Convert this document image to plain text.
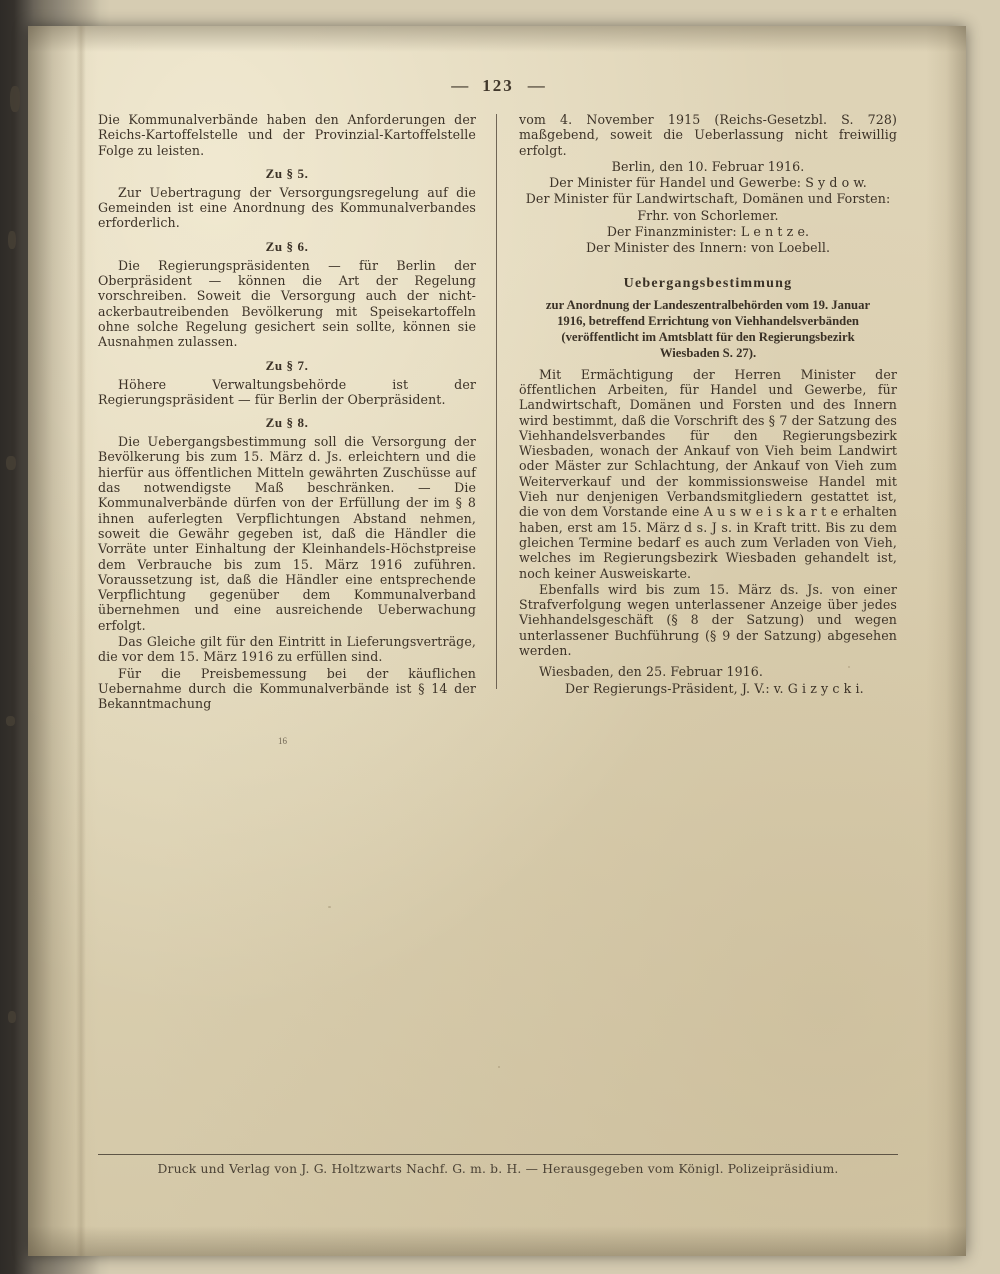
— 123 —

Die Kommunalverbände haben den Anforderungen der Reichs-Kartoffelstelle und der Provinzial-Kartoffelstelle Folge zu leisten.

Zu § 5.

Zur Uebertragung der Versorgungsregelung auf die Gemeinden ist eine Anordnung des Kommunalverbandes erforderlich.

Zu § 6.

Die Regierungspräsidenten — für Berlin der Oberpräsident — können die Art der Regelung vorschreiben. Soweit die Versorgung auch der nicht-ackerbautreibenden Bevölkerung mit Speisekartoffeln ohne solche Regelung gesichert sein sollte, können sie Ausnahmen zulassen.

Zu § 7.

Höhere Verwaltungsbehörde ist der Regierungspräsident — für Berlin der Oberpräsident.

Zu § 8.

Die Uebergangsbestimmung soll die Versorgung der Bevölkerung bis zum 15. März d. Js. erleichtern und die hierfür aus öffentlichen Mitteln gewährten Zuschüsse auf das notwendigste Maß beschränken. — Die Kommunalverbände dürfen von der Erfüllung der im § 8 ihnen auferlegten Verpflichtungen Abstand nehmen, soweit die Gewähr gegeben ist, daß die Händler die Vorräte unter Einhaltung der Kleinhandels-Höchstpreise dem Verbrauche bis zum 15. März 1916 zuführen. Voraussetzung ist, daß die Händler eine entsprechende Verpflichtung gegenüber dem Kommunalverband übernehmen und eine ausreichende Ueberwachung erfolgt.

Das Gleiche gilt für den Eintritt in Lieferungsverträge, die vor dem 15. März 1916 zu erfüllen sind.

Für die Preisbemessung bei der käuflichen Uebernahme durch die Kommunalverbände ist § 14 der Bekanntmachung

vom 4. November 1915 (Reichs-Gesetzbl. S. 728) maßgebend, soweit die Ueberlassung nicht freiwillig erfolgt.

Berlin, den 10. Februar 1916.

Der Minister für Handel und Gewerbe: S y d o w.

Der Minister für Landwirtschaft, Domänen und Forsten:

Frhr. von Schorlemer.

Der Finanzminister: L e n t z e.

Der Minister des Innern: von Loebell.

Uebergangsbestimmung
zur Anordnung der Landeszentralbehörden vom 19. Januar
1916, betreffend Errichtung von Viehhandelsverbänden
(veröffentlicht im Amtsblatt für den Regierungsbezirk
Wiesbaden S. 27).

Mit Ermächtigung der Herren Minister der öffentlichen Arbeiten, für Handel und Gewerbe, für Landwirtschaft, Domänen und Forsten und des Innern wird bestimmt, daß die Vorschrift des § 7 der Satzung des Viehhandelsverbandes für den Regierungsbezirk Wiesbaden, wonach der Ankauf von Vieh beim Landwirt oder Mäster zur Schlachtung, der Ankauf von Vieh zum Weiterverkauf und der kommissionsweise Handel mit Vieh nur denjenigen Verbandsmitgliedern gestattet ist, die von dem Vorstande eine A u s w e i s k a r t e erhalten haben, erst am 15. März d s. J s. in Kraft tritt. Bis zu dem gleichen Termine bedarf es auch zum Verladen von Vieh, welches im Regierungsbezirk Wiesbaden gehandelt ist, noch keiner Ausweiskarte.

Ebenfalls wird bis zum 15. März ds. Js. von einer Strafverfolgung wegen unterlassener Anzeige über jedes Viehhandelsgeschäft (§ 8 der Satzung) und wegen unterlassener Buchführung (§ 9 der Satzung) abgesehen werden.

Wiesbaden, den 25. Februar 1916.

Der Regierungs-Präsident, J. V.: v. G i z y c k i.

16
Druck und Verlag von J. G. Holtzwarts Nachf. G. m. b. H. — Herausgegeben vom Königl. Polizeipräsidium.
